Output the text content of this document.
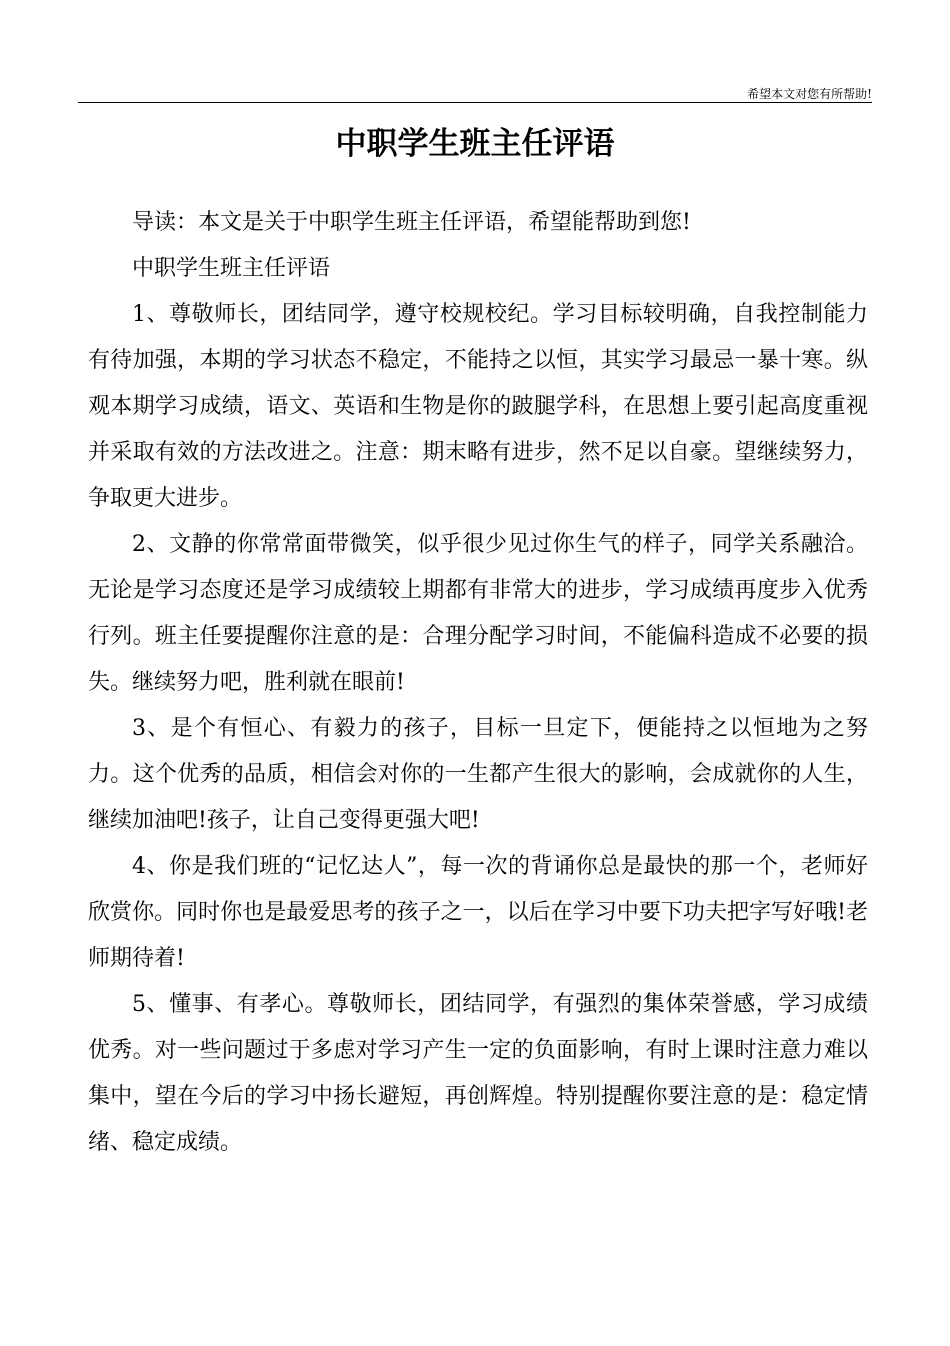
希望本文对您有所帮助!
中职学生班主任评语

导读：本文是关于中职学生班主任评语，希望能帮助到您!

中职学生班主任评语

1、尊敬师长，团结同学，遵守校规校纪。学习目标较明确，自我控制能力有待加强，本期的学习状态不稳定，不能持之以恒，其实学习最忌一暴十寒。纵观本期学习成绩，语文、英语和生物是你的跛腿学科，在思想上要引起高度重视并采取有效的方法改进之。注意：期末略有进步，然不足以自豪。望继续努力，争取更大进步。

2、文静的你常常面带微笑，似乎很少见过你生气的样子，同学关系融洽。无论是学习态度还是学习成绩较上期都有非常大的进步，学习成绩再度步入优秀行列。班主任要提醒你注意的是：合理分配学习时间，不能偏科造成不必要的损失。继续努力吧，胜利就在眼前!

3、是个有恒心、有毅力的孩子，目标一旦定下，便能持之以恒地为之努力。这个优秀的品质，相信会对你的一生都产生很大的影响，会成就你的人生，继续加油吧!孩子，让自己变得更强大吧!

4、你是我们班的“记忆达人”，每一次的背诵你总是最快的那一个，老师好欣赏你。同时你也是最爱思考的孩子之一，以后在学习中要下功夫把字写好哦!老师期待着!

5、懂事、有孝心。尊敬师长，团结同学，有强烈的集体荣誉感，学习成绩优秀。对一些问题过于多虑对学习产生一定的负面影响，有时上课时注意力难以集中，望在今后的学习中扬长避短，再创辉煌。特别提醒你要注意的是：稳定情绪、稳定成绩。
